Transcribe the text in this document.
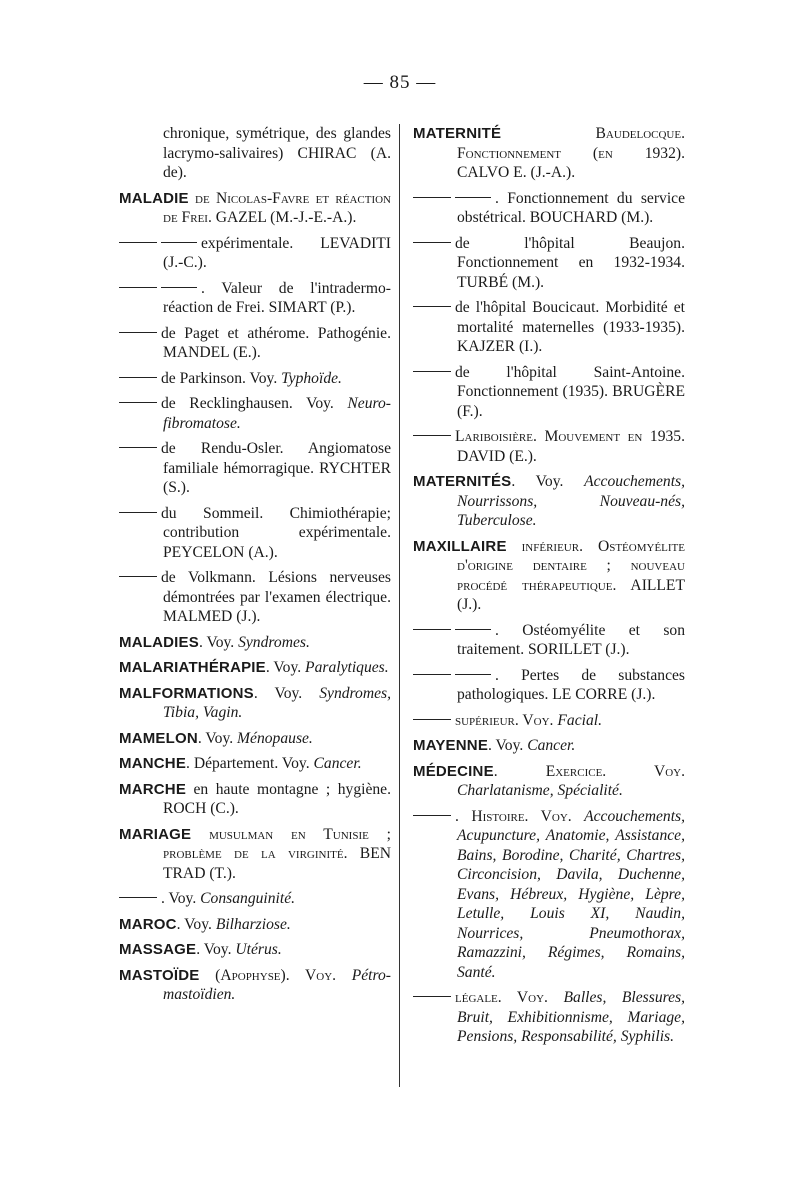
— 85 —
chronique, symétrique, des glandes lacrymo-salivaires) CHIRAC (A. de).
MALADIE de Nicolas-Favre et réaction de Frei. GAZEL (M.-J.-E.-A.).
expérimentale. LEVADITI (J.-C.).
. Valeur de l'intradermo-réaction de Frei. SIMART (P.).
de Paget et athérome. Pathogénie. MANDEL (E.).
de Parkinson. Voy. Typhoïde.
de Recklinghausen. Voy. Neuro-fibromatose.
de Rendu-Osler. Angiomatose familiale hémorragique. RYCHTER (S.).
du Sommeil. Chimiothérapie; contribution expérimentale. PEYCELON (A.).
de Volkmann. Lésions nerveuses démontrées par l'examen électrique. MALMED (J.).
MALADIES. Voy. Syndromes.
MALARIATHÉRAPIE. Voy. Paralytiques.
MALFORMATIONS. Voy. Syndromes, Tibia, Vagin.
MAMELON. Voy. Ménopause.
MANCHE. Département. Voy. Cancer.
MARCHE en haute montagne ; hygiène. ROCH (C.).
MARIAGE musulman en Tunisie ; problème de la virginité. BEN TRAD (T.).
. Voy. Consanguinité.
MAROC. Voy. Bilharziose.
MASSAGE. Voy. Utérus.
MASTOÏDE (Apophyse). Voy. Pétro-mastoïdien.
MATERNITÉ	Baudelocque. Fonctionnement (en 1932). CALVO E. (J.-A.).
. Fonctionnement du service obstétrical. BOUCHARD (M.).
de l'hôpital Beaujon. Fonctionnement en 1932-1934. TURBÉ (M.).
de l'hôpital Boucicaut. Morbidité et mortalité maternelles (1933-1935). KAJZER (I.).
de l'hôpital Saint-Antoine. Fonctionnement (1935). BRUGÈRE (F.).
Lariboisière. Mouvement en 1935. DAVID (E.).
MATERNITÉS. Voy. Accouchements, Nourrissons, Nouveau-nés, Tuberculose.
MAXILLAIRE inférieur. Ostéomyélite d'origine dentaire ; nouveau procédé thérapeutique. AILLET (J.).
. Ostéomyélite et son traitement. SORILLET (J.).
. Pertes de substances pathologiques. LE CORRE (J.).
supérieur. Voy. Facial.
MAYENNE. Voy. Cancer.
MÉDECINE. Exercice. Voy. Charlatanisme, Spécialité.
. Histoire. Voy. Accouchements, Acupuncture, Anatomie, Assistance, Bains, Borodine, Charité, Chartres, Circoncision, Davila, Duchenne, Evans, Hébreux, Hygiène, Lèpre, Letulle, Louis XI, Naudin, Nourrices, Pneumothorax, Ramazzini, Régimes, Romains, Santé.
légale. Voy. Balles, Blessures, Bruit, Exhibitionnisme, Mariage, Pensions, Responsabilité, Syphilis.
